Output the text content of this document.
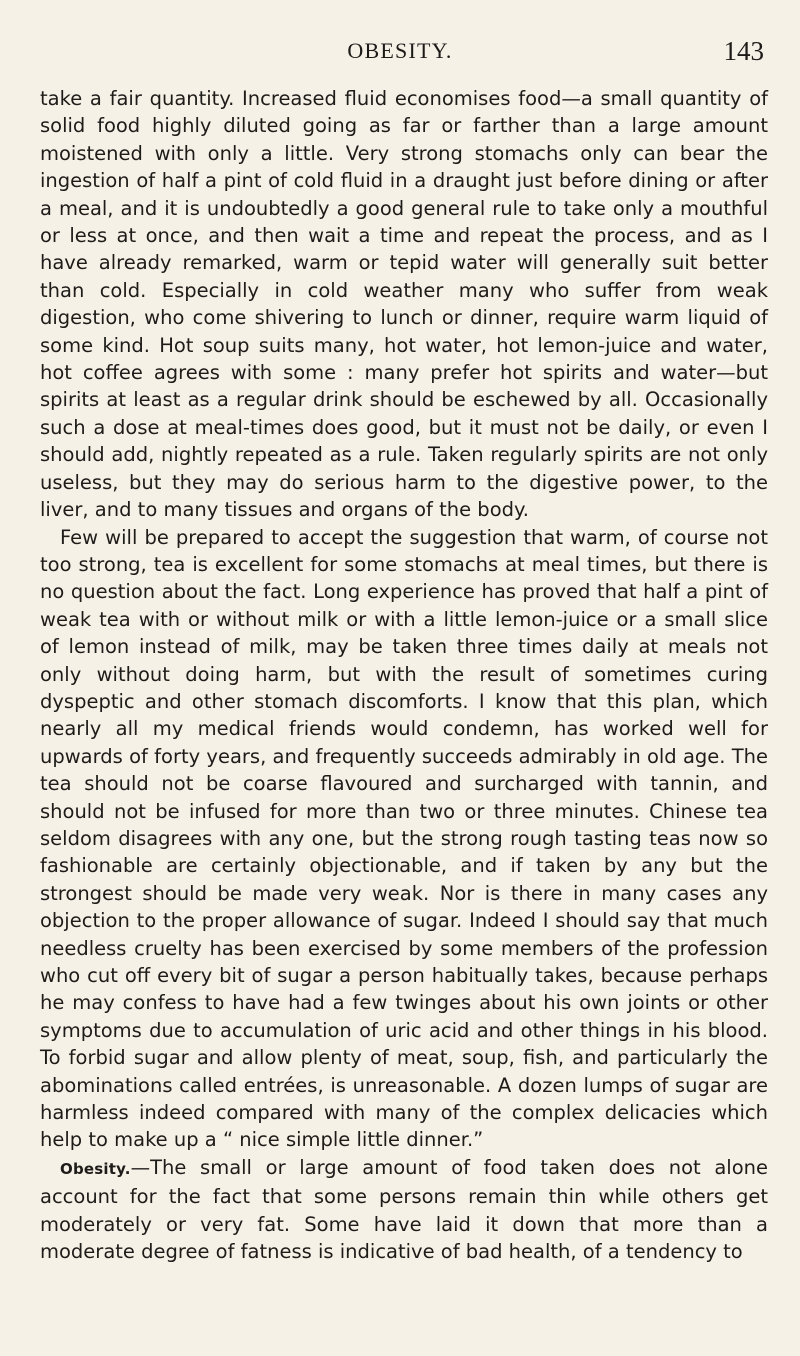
OBESITY.	143

take a fair quantity. Increased fluid economises food—a small quantity of solid food highly diluted going as far or farther than a large amount moistened with only a little. Very strong stomachs only can bear the ingestion of half a pint of cold fluid in a draught just before dining or after a meal, and it is undoubtedly a good general rule to take only a mouthful or less at once, and then wait a time and repeat the process, and as I have already remarked, warm or tepid water will generally suit better than cold. Especially in cold weather many who suffer from weak digestion, who come shivering to lunch or dinner, require warm liquid of some kind. Hot soup suits many, hot water, hot lemon-juice and water, hot coffee agrees with some : many prefer hot spirits and water—but spirits at least as a regular drink should be eschewed by all. Occasionally such a dose at meal-times does good, but it must not be daily, or even I should add, nightly repeated as a rule. Taken regularly spirits are not only useless, but they may do serious harm to the digestive power, to the liver, and to many tissues and organs of the body.

Few will be prepared to accept the suggestion that warm, of course not too strong, tea is excellent for some stomachs at meal times, but there is no question about the fact. Long experience has proved that half a pint of weak tea with or without milk or with a little lemon-juice or a small slice of lemon instead of milk, may be taken three times daily at meals not only without doing harm, but with the result of sometimes curing dyspeptic and other stomach discomforts. I know that this plan, which nearly all my medical friends would condemn, has worked well for upwards of forty years, and frequently succeeds admirably in old age. The tea should not be coarse flavoured and surcharged with tannin, and should not be infused for more than two or three minutes. Chinese tea seldom disagrees with any one, but the strong rough tasting teas now so fashionable are certainly objectionable, and if taken by any but the strongest should be made very weak. Nor is there in many cases any objection to the proper allowance of sugar. Indeed I should say that much needless cruelty has been exercised by some members of the profession who cut off every bit of sugar a person habitually takes, because perhaps he may confess to have had a few twinges about his own joints or other symptoms due to accumulation of uric acid and other things in his blood. To forbid sugar and allow plenty of meat, soup, fish, and particularly the abominations called entrées, is unreasonable. A dozen lumps of sugar are harmless indeed compared with many of the complex delicacies which help to make up a “ nice simple little dinner.”

Obesity.—The small or large amount of food taken does not alone account for the fact that some persons remain thin while others get moderately or very fat. Some have laid it down that more than a moderate degree of fatness is indicative of bad health, of a tendency to
